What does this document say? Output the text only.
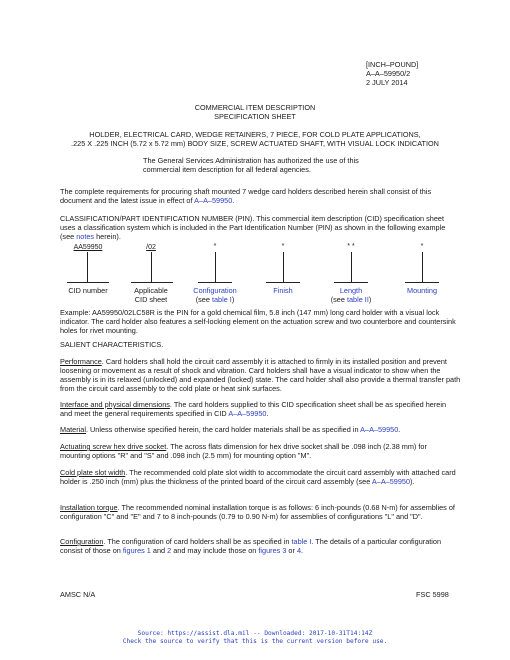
[INCH–POUND]
A–A–59950/2
2 JULY 2014
COMMERCIAL ITEM DESCRIPTION
SPECIFICATION SHEET
HOLDER, ELECTRICAL CARD, WEDGE RETAINERS, 7 PIECE, FOR COLD PLATE APPLICATIONS,
.225 X .225 INCH (5.72 x 5.72 mm) BODY SIZE, SCREW ACTUATED SHAFT, WITH VISUAL LOCK INDICATION
The General Services Administration has authorized the use of this
commercial item description for all federal agencies.

The complete requirements for procuring shaft mounted 7 wedge card holders described herein shall consist of this document and the latest issue in effect of A–A–59950.

CLASSIFICATION/PART IDENTIFICATION NUMBER (PIN). This commercial item description (CID) specification sheet uses a classification system which is included in the Part Identification Number (PIN) as shown in the following example (see notes herein).

AA59950
CID number
/02
Applicable
CID sheet
*
Configuration
(see table I)
*
Finish
* *
Length
(see table II)
*
Mounting

Example: AA59950/02LC58R is the PIN for a gold chemical film, 5.8 inch (147 mm) long card holder with a visual lock indicator. The card holder also features a self-locking element on the actuation screw and two counterbore and countersink holes for rivet mounting.

SALIENT CHARACTERISTICS.

Performance. Card holders shall hold the circuit card assembly it is attached to firmly in its installed position and prevent loosening or movement as a result of shock and vibration. Card holders shall have a visual indicator to show when the assembly is in its relaxed (unlocked) and expanded (locked) state. The card holder shall also provide a thermal transfer path from the circuit card assembly to the cold plate or heat sink surfaces.

Interface and physical dimensions. The card holders supplied to this CID specification sheet shall be as specified herein and meet the general requirements specified in CID A–A–59950.

Material. Unless otherwise specified herein, the card holder materials shall be as specified in A–A–59950.

Actuating screw hex drive socket. The across flats dimension for hex drive socket shall be .098 inch (2.38 mm) for mounting options "R" and "S" and .098 inch (2.5 mm) for mounting option "M".

Cold plate slot width. The recommended cold plate slot width to accommodate the circuit card assembly with attached card holder is .250 inch (mm) plus the thickness of the printed board of the circuit card assembly (see A–A–59950).

Installation torque. The recommended nominal installation torque is as follows: 6 inch-pounds (0.68 N-m) for assemblies of configuration "C" and "E" and 7 to 8 inch-pounds (0.79 to 0.90 N-m) for assemblies of configurations "L" and "D".

Configuration. The configuration of card holders shall be as specified in table I. The details of a particular configuration consist of those on figures 1 and 2 and may include those on figures 3 or 4.

AMSC N/A	FSC 5998
Source: https://assist.dla.mil -- Downloaded: 2017-10-31T14:14Z
Check the source to verify that this is the current version before use.
